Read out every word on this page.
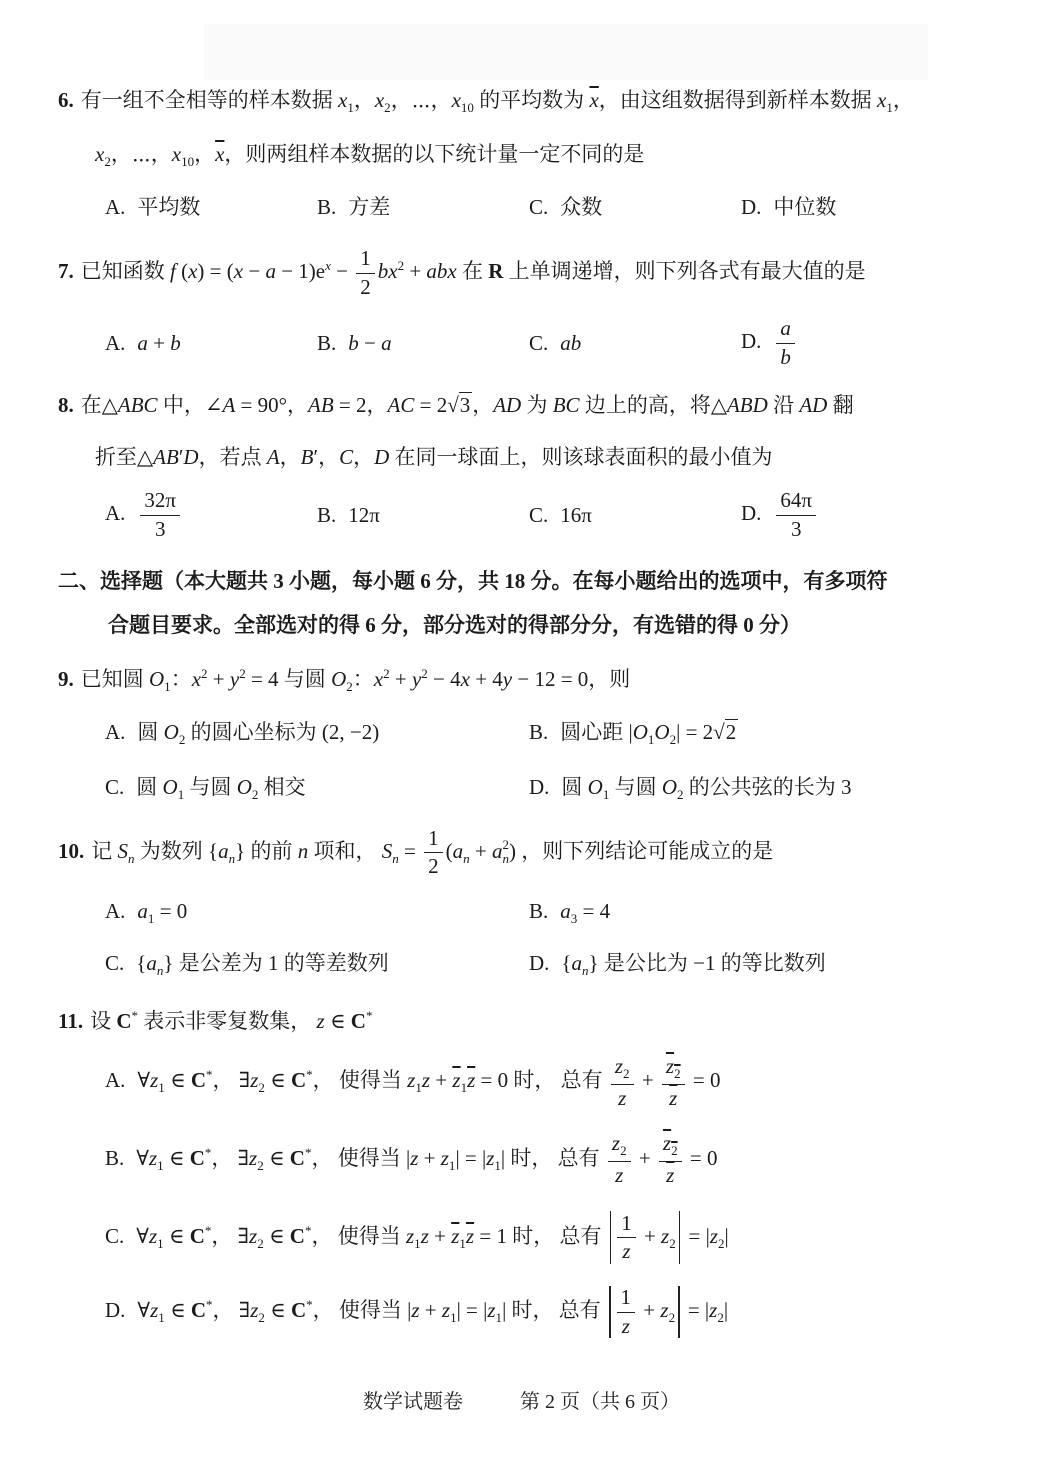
6. 有一组不全相等的样本数据 $x_1$，$x_2$，⋯，$x_{10}$ 的平均数为 $\overline{x}$，由这组数据得到新样本数据 $x_1$，
$x_2$，⋯，$x_{10}$，$\overline{x}$，则两组样本数据的以下统计量一定不同的是
A. 平均数	B. 方差	C. 众数	D. 中位数
7. 已知函数 f $(x) = (x - a - 1)e^x - \frac{1}{2} bx^2$ + abx 在 R 上单调递增，则下列各式有最大值的是
A. a + b	B. b − a	C. ab	D. $\frac{a}{b}$
8. 在△ABC 中，∠A = 90°，AB = 2，AC = 2√3，AD 为 BC 边上的高，将△ABD 沿 AD 翻
折至△AB′D，若点 A，B′，C，D 在同一球面上，则该球表面积的最小值为
A. $\frac{32\pi}{3}$	B. 12π	C. 16π	D. $\frac{64\pi}{3}$
二、选择题（本大题共 3 小题，每小题 6 分，共 18 分。在每小题给出的选项中，有多项符
合题目要求。全部选对的得 6 分，部分选对的得部分分，有选错的得 0 分）
9. 已知圆 $O_1$：$x^2 + y^2 = 4$ 与圆 $O_2$：$x^2 + y^2 - 4x + 4y - 12 = 0$，则
A. 圆 $O_2$ 的圆心坐标为 (2, −2)	B. 圆心距 $|O_1O_2| = 2√2$
C. 圆 $O_1$ 与圆 $O_2$ 相交	D. 圆 $O_1$ 与圆 $O_2$ 的公共弦的长为 3
10. 记 $S_n$ 为数列 $\{a_n\}$ 的前 n 项和， $S_n = \frac{1}{2} (a_n + a$ 2
n ) ，则下列结论可能成立的是
A. $a_1 = 0$	B. $a_3 = 4$
C. $\{a_n\}$ 是公差为 1 的等差数列	D. $\{a_n\}$ 是公比为 −1 的等比数列
11. 设 C* 表示非零复数集， z ∈ C*
A. $\forall z_1$ ∈ C*， $\exists z_2$ ∈ C*， 使得当 $z_1z + \overline{z}_1\overline{z} = 0$ 时， 总有 $\frac{z_2}{z} + \frac{z_2}{z} = 0$
B. $\forall z_1$ ∈ C*， $\exists z_2$ ∈ C*， 使得当 $|z + z_1| = |z_1|$ 时， 总有 $\frac{z_2}{z} + \frac{z_2}{z} = 0$
C. $\forall z_1$ ∈ C*， $\exists z_2$ ∈ C*， 使得当 $z_1z + \overline{z}_1\overline{z} = 1$ 时， 总有 $\frac{1}{z} + z_2 = |z_2|$
D. $\forall z_1$ ∈ C*， $\exists z_2$ ∈ C*， 使得当 $|z + z_1| = |z_1|$ 时， 总有 $\frac{1}{z} + z_2 = |z_2|$
数学试题卷	第 2 页（共 6 页）
